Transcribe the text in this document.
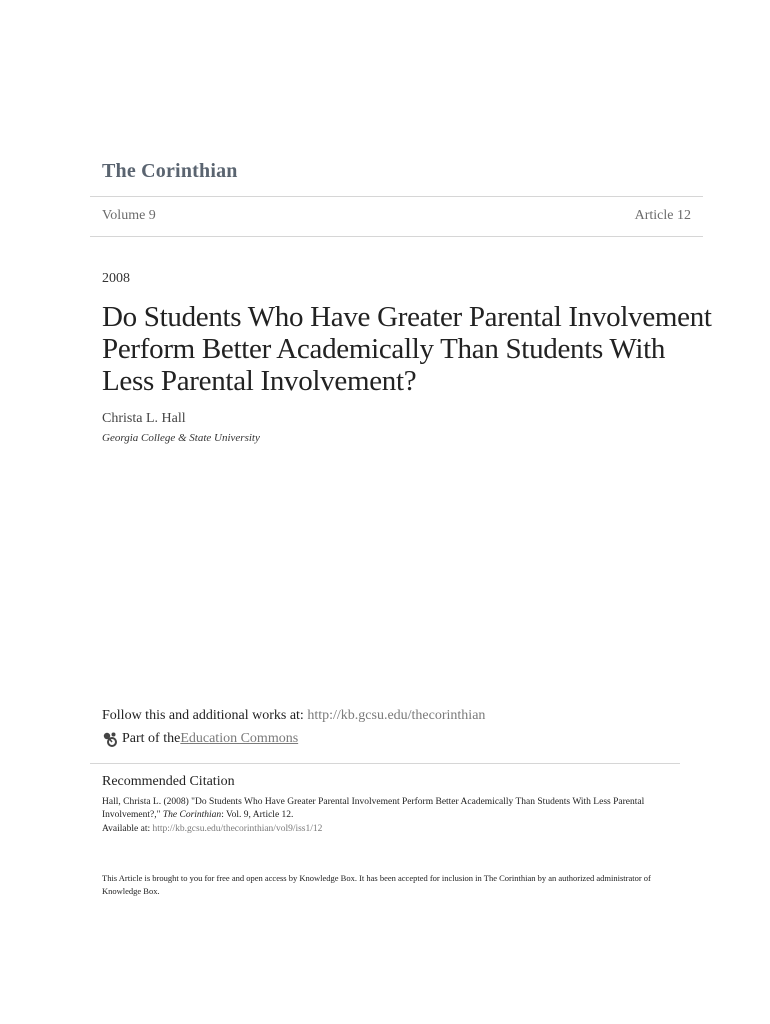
The Corinthian
Volume 9	Article 12
2008
Do Students Who Have Greater Parental Involvement Perform Better Academically Than Students With Less Parental Involvement?
Christa L. Hall
Georgia College & State University
Follow this and additional works at: http://kb.gcsu.edu/thecorinthian
Part of the Education Commons
Recommended Citation
Hall, Christa L. (2008) "Do Students Who Have Greater Parental Involvement Perform Better Academically Than Students With Less Parental Involvement?," The Corinthian: Vol. 9, Article 12.
Available at: http://kb.gcsu.edu/thecorinthian/vol9/iss1/12
This Article is brought to you for free and open access by Knowledge Box. It has been accepted for inclusion in The Corinthian by an authorized administrator of Knowledge Box.
